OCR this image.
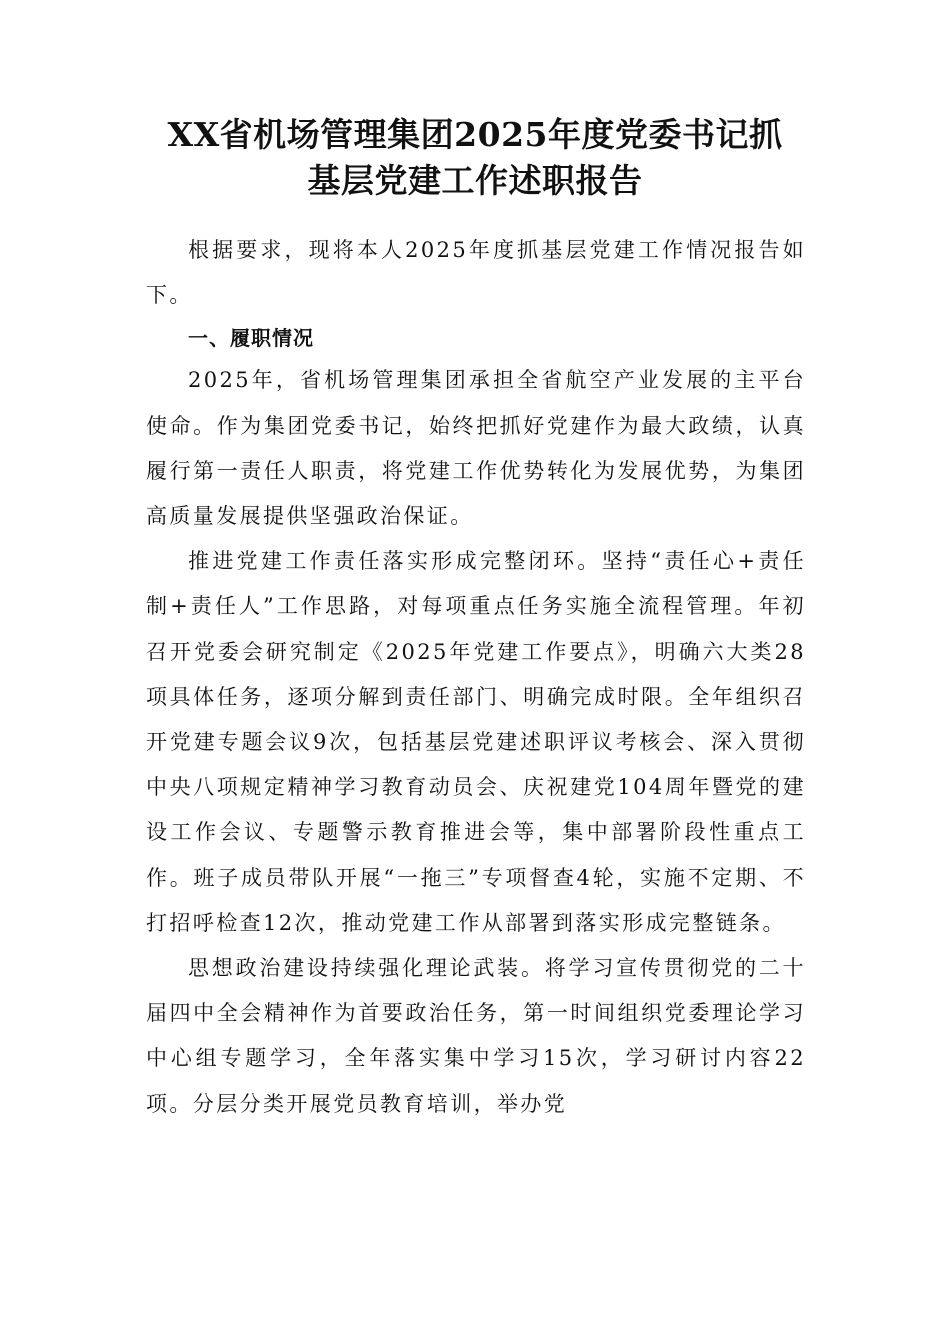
XX省机场管理集团2025年度党委书记抓
基层党建工作述职报告

根据要求，现将本人2025年度抓基层党建工作情况报告如下。

一、履职情况

2025年，省机场管理集团承担全省航空产业发展的主平台使命。作为集团党委书记，始终把抓好党建作为最大政绩，认真履行第一责任人职责，将党建工作优势转化为发展优势，为集团高质量发展提供坚强政治保证。

推进党建工作责任落实形成完整闭环。坚持“责任心+责任制+责任人”工作思路，对每项重点任务实施全流程管理。年初召开党委会研究制定《2025年党建工作要点》，明确六大类28项具体任务，逐项分解到责任部门、明确完成时限。全年组织召开党建专题会议9次，包括基层党建述职评议考核会、深入贯彻中央八项规定精神学习教育动员会、庆祝建党104周年暨党的建设工作会议、专题警示教育推进会等，集中部署阶段性重点工作。班子成员带队开展“一拖三”专项督查4轮，实施不定期、不打招呼检查12次，推动党建工作从部署到落实形成完整链条。

思想政治建设持续强化理论武装。将学习宣传贯彻党的二十届四中全会精神作为首要政治任务，第一时间组织党委理论学习中心组专题学习，全年落实集中学习15次，学习研讨内容22项。分层分类开展党员教育培训，举办党
